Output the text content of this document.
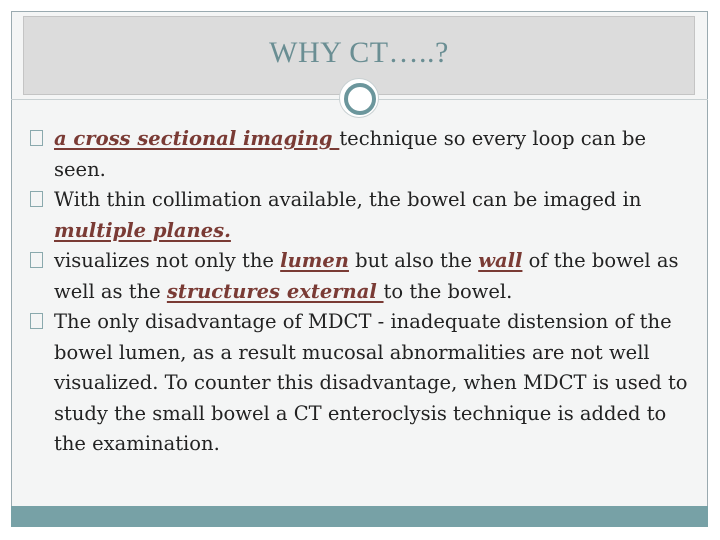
WHY CT…..?
a cross sectional imaging technique so every loop can be seen.
With thin collimation available, the bowel can be imaged in multiple planes.
visualizes not only the lumen but also the wall of the bowel as well as the structures external to the bowel.
The only disadvantage of MDCT - inadequate distension of the bowel lumen, as a result mucosal abnormalities are not well visualized. To counter this disadvantage, when MDCT is used to study the small bowel a CT enteroclysis technique is added to the examination.
